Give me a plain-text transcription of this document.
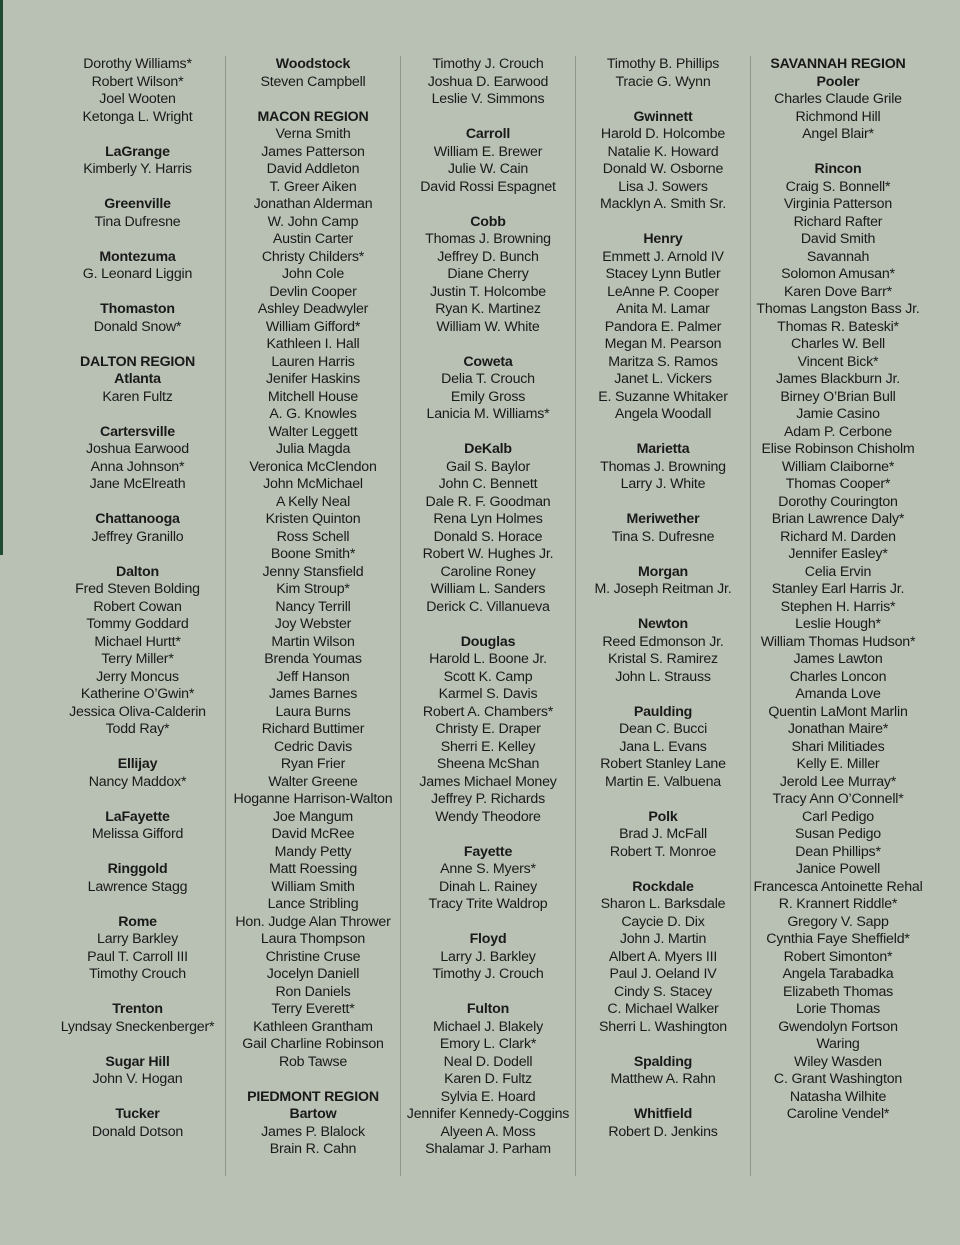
Dorothy Williams*
Robert Wilson*
Joel Wooten
Ketonga L. Wright
LaGrange
Kimberly Y. Harris
Greenville
Tina Dufresne
Montezuma
G. Leonard Liggin
Thomaston
Donald Snow*
DALTON REGION
Atlanta
Karen Fultz
Cartersville
Joshua Earwood
Anna Johnson*
Jane McElreath
Chattanooga
Jeffrey Granillo
Dalton
Fred Steven Bolding
Robert Cowan
Tommy Goddard
Michael Hurtt*
Terry Miller*
Jerry Moncus
Katherine O’Gwin*
Jessica Oliva-Calderin
Todd Ray*
Ellijay
Nancy Maddox*
LaFayette
Melissa Gifford
Ringgold
Lawrence Stagg
Rome
Larry Barkley
Paul T. Carroll III
Timothy Crouch
Trenton
Lyndsay Sneckenberger*
Sugar Hill
John V. Hogan
Tucker
Donald Dotson
Woodstock
Steven Campbell
MACON REGION
Verna Smith
James Patterson
David Addleton
T. Greer Aiken
Jonathan Alderman
W. John Camp
Austin Carter
Christy Childers*
John Cole
Devlin Cooper
Ashley Deadwyler
William Gifford*
Kathleen I. Hall
Lauren Harris
Jenifer Haskins
Mitchell House
A. G. Knowles
Walter Leggett
Julia Magda
Veronica McClendon
John McMichael
A Kelly Neal
Kristen Quinton
Ross Schell
Boone Smith*
Jenny Stansfield
Kim Stroup*
Nancy Terrill
Joy Webster
Martin Wilson
Brenda Youmas
Jeff Hanson
James Barnes
Laura Burns
Richard Buttimer
Cedric Davis
Ryan Frier
Walter Greene
Hoganne Harrison-Walton
Joe Mangum
David McRee
Mandy Petty
Matt Roessing
William Smith
Lance Stribling
Hon. Judge Alan Thrower
Laura Thompson
Christine Cruse
Jocelyn Daniell
Ron Daniels
Terry Everett*
Kathleen Grantham
Gail Charline Robinson
Rob Tawse
PIEDMONT REGION
Bartow
James P. Blalock
Brain R. Cahn
Timothy J. Crouch
Joshua D. Earwood
Leslie V. Simmons
Carroll
William E. Brewer
Julie W. Cain
David Rossi Espagnet
Cobb
Thomas J. Browning
Jeffrey D. Bunch
Diane Cherry
Justin T. Holcombe
Ryan K. Martinez
William W. White
Coweta
Delia T. Crouch
Emily Gross
Lanicia M. Williams*
DeKalb
Gail S. Baylor
John C. Bennett
Dale R. F. Goodman
Rena Lyn Holmes
Donald S. Horace
Robert W. Hughes Jr.
Caroline Roney
William L. Sanders
Derick C. Villanueva
Douglas
Harold L. Boone Jr.
Scott K. Camp
Karmel S. Davis
Robert A. Chambers*
Christy E. Draper
Sherri E. Kelley
Sheena McShan
James Michael Money
Jeffrey P. Richards
Wendy Theodore
Fayette
Anne S. Myers*
Dinah L. Rainey
Tracy Trite Waldrop
Floyd
Larry J. Barkley
Timothy J. Crouch
Fulton
Michael J. Blakely
Emory L. Clark*
Neal D. Dodell
Karen D. Fultz
Sylvia E. Hoard
Jennifer Kennedy-Coggins
Alyeen A. Moss
Shalamar J. Parham
Timothy B. Phillips
Tracie G. Wynn
Gwinnett
Harold D. Holcombe
Natalie K. Howard
Donald W. Osborne
Lisa J. Sowers
Macklyn A. Smith Sr.
Henry
Emmett J. Arnold IV
Stacey Lynn Butler
LeAnne P. Cooper
Anita M. Lamar
Pandora E. Palmer
Megan M. Pearson
Maritza S. Ramos
Janet L. Vickers
E. Suzanne Whitaker
Angela Woodall
Marietta
Thomas J. Browning
Larry J. White
Meriwether
Tina S. Dufresne
Morgan
M. Joseph Reitman Jr.
Newton
Reed Edmonson Jr.
Kristal S. Ramirez
John L. Strauss
Paulding
Dean C. Bucci
Jana L. Evans
Robert Stanley Lane
Martin E. Valbuena
Polk
Brad J. McFall
Robert T. Monroe
Rockdale
Sharon L. Barksdale
Caycie D. Dix
John J. Martin
Albert A. Myers III
Paul J. Oeland IV
Cindy S. Stacey
C. Michael Walker
Sherri L. Washington
Spalding
Matthew A. Rahn
Whitfield
Robert D. Jenkins
SAVANNAH REGION
Pooler
Charles Claude Grile
Richmond Hill
Angel Blair*
Rincon
Craig S. Bonnell*
Virginia Patterson
Richard Rafter
David Smith
Savannah
Solomon Amusan*
Karen Dove Barr*
Thomas Langston Bass Jr.
Thomas R. Bateski*
Charles W. Bell
Vincent Bick*
James Blackburn Jr.
Birney O’Brian Bull
Jamie Casino
Adam P. Cerbone
Elise Robinson Chisholm
William Claiborne*
Thomas Cooper*
Dorothy Courington
Brian Lawrence Daly*
Richard M. Darden
Jennifer Easley*
Celia Ervin
Stanley Earl Harris Jr.
Stephen H. Harris*
Leslie Hough*
William Thomas Hudson*
James Lawton
Charles Loncon
Amanda Love
Quentin LaMont Marlin
Jonathan Maire*
Shari Militiades
Kelly E. Miller
Jerold Lee Murray*
Tracy Ann O’Connell*
Carl Pedigo
Susan Pedigo
Dean Phillips*
Janice Powell
Francesca Antoinette Rehal
R. Krannert Riddle*
Gregory V. Sapp
Cynthia Faye Sheffield*
Robert Simonton*
Angela Tarabadka
Elizabeth Thomas
Lorie Thomas
Gwendolyn Fortson
Waring
Wiley Wasden
C. Grant Washington
Natasha Wilhite
Caroline Vendel*
